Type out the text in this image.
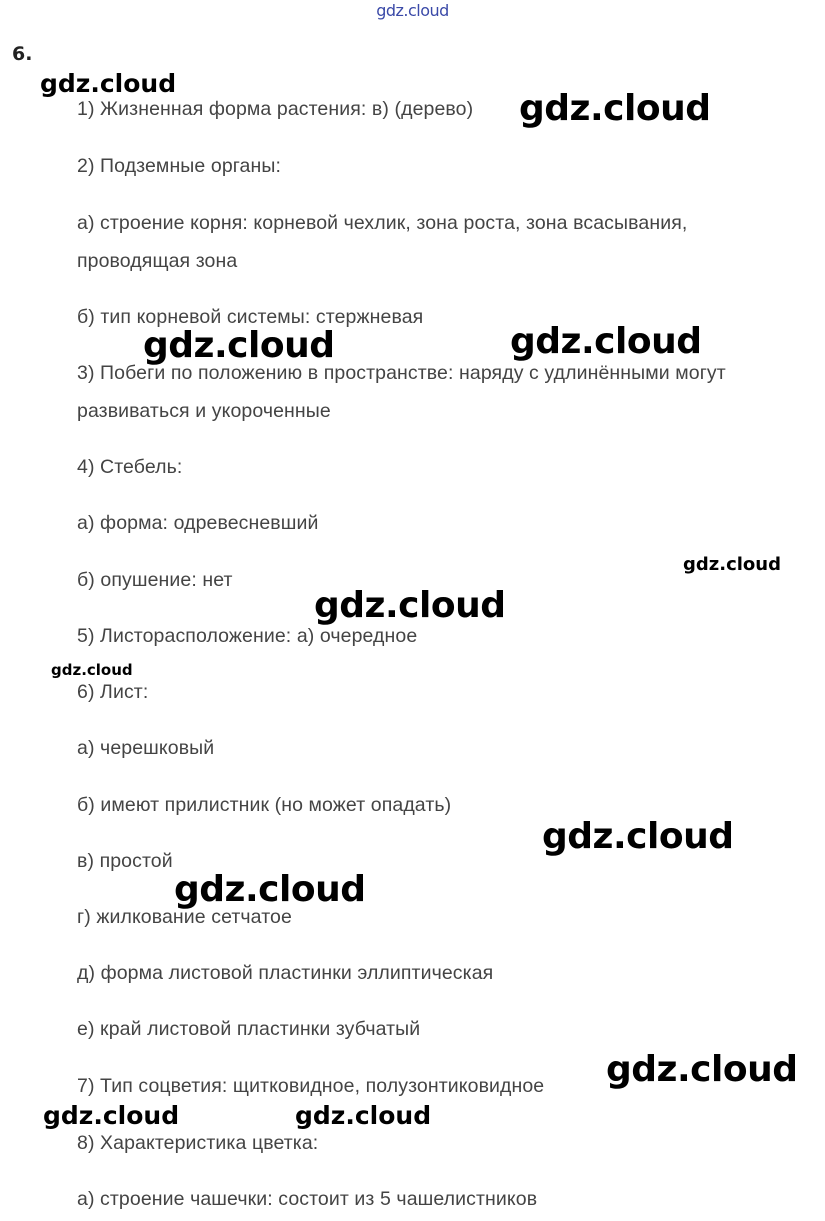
gdz.cloud
6.
1) Жизненная форма растения: в) (дерево)
2) Подземные органы:
а) строение корня: корневой чехлик, зона роста, зона всасывания,
проводящая зона
б) тип корневой системы: стержневая
3) Побеги по положению в пространстве: наряду с удлинёнными могут
развиваться и укороченные
4) Стебель:
а) форма: одревесневший
б) опушение: нет
5) Листорасположение: а) очередное
6) Лист:
а) черешковый
б) имеют прилистник (но может опадать)
в) простой
г) жилкование сетчатое
д) форма листовой пластинки эллиптическая
е) край листовой пластинки зубчатый
7) Тип соцветия: щитковидное, полузонтиковидное
8) Характеристика цветка:
а) строение чашечки: состоит из 5 чашелистников
gdz.cloud
gdz.cloud
gdz.cloud	gdz.cloud
gdz.cloud
gdz.cloud
gdz.cloud
gdz.cloud
gdz.cloud
gdz.cloud
gdz.cloud	gdz.cloud
